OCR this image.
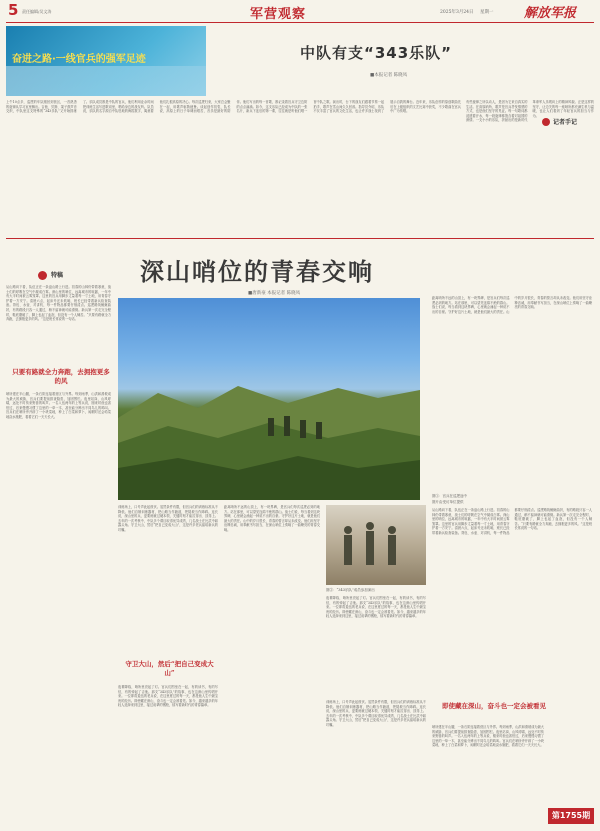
5 责任编辑/吴文涛	军营观察	2025年3月24日 星期一 解放军报
奋进之路·一线官兵的强军足迹	中队有支“343乐队”
■本报记者 陈晓凤
上午10点多，巡逻的车队刚回到营区，一首熟悉的旋律从学习室里飘出。吉他、贝斯、架子鼓声音交织，中队里这支特殊的“343乐队”又开始排练了。乐队成员都是中队的官兵，他们利用业余时间把训练生活写进歌词里，唱给身边的战友听。队员说，乐队的名字源自中队驻地的海拔数字，寓意着他们扎根高原的决心。每次巡逻归来，大家总会聚在一起，用歌声驱散疲惫。谈起创作初衷，队长说，高原上的日子单调而艰苦，音乐是最好的陪伴。他们写出的每一首歌，都记录着官兵守卫边防的点点滴滴。如今，这支乐队已经成为中队的一张名片，新兵下连后的第一课，往往就是听他们唱一首中队之歌。演出时，台下的战友们跟着节奏一起拍手，歌声在雪山间久久回荡。指导员介绍，乐队不仅丰富了官兵的文化生活，也让许多战士找到了展示自我的舞台。近年来，乐队创作的原创歌曲先后在上级组织的文艺比赛中获奖，不少歌曲在官兵中广为传唱。
有些旋律之所以动人，是因为它来自真实的生活。在高原哨所，歌声是官兵抒发情感的方式，也是他们坚守的见证。每一句歌词都浸透着汗水，每一段旋律都饱含着对祖国的深情。一支小小的乐队，折射出的是新时代革命军人乐观向上的精神风貌。正是这样的坚守，让边关的每一座哨所都充满生机与温暖，也让人们看到了年轻官兵的担当与作为。
记者手记
深山哨位的青春交响
■唐新豪 本报记者 陈晓凤
特稿
从山路向下看，队伍正在一条盘山路上行进。初春的山林仍带着寒意，战士们的呼吸在空气中凝成白雾。深山里的哨位，远离城市的喧嚣，一年中有大半时间被云雾笼罩。这里的官兵用脚步丈量着每一寸土地，用青春守护着一方安宁。清晨六点，起床号还未吹响，班长已经带着新兵检查装备。背包、水壶、对讲机，每一件物品都要仔细清点。巡逻路线蜿蜒曲折，有的路段只容一人通过，稍不留神就可能滑倒。新兵第一次走完全程时，鞋底磨破了，脚上也起了血泡，但没有一个人喊苦。“只要有路就全力奔跑，去拥抱更多的风。”这是班长常说的一句话。
只要有路就全力奔跑，去拥抱更多的风
哨所建在半山腰，一条石阶连接着营区与外界。每到雨季，山洪和滑坡成为最大的威胁，官兵们要提前排查隐患，加固围栏。夜里站岗，山风呼啸，远处不时传来野兽的叫声。一名入伍两年的上等兵说，刚来时他也害怕过，后来慢慢习惯了这里的一草一木，甚至能分辨出不同鸟儿的鸣叫。官兵们在哨所旁开辟了一小块菜地，种上了白菜和萝卜，闲暇时还会给菜地浇水施肥，看着它们一天天长大。
图①：官兵在巡逻途中
图片由受访单位提供
训练场上，口号声此起彼伏。虽然条件有限，但官兵们的训练标准从不降低。他们自制训练器材，把山路当作跑道，把陡坡当作障碍。连长说，深山里的兵，更要练就过硬本领，关键时刻才能拉得出、顶得上。去年的一次考核中，中队多个课目取得优异成绩，几名战士在比武中崭露头角。守卫大山，然后“把自己变成大山”，这是许多老兵留给新兵的叮嘱。
守卫大山，然后“把自己变成大山”
夜幕降临，哨所里亮起了灯。官兵们围坐在一起，有的读书，有的写信，有的弹起了吉他。那支“343乐队”的故事，也在这深山里传唱开来。一位即将退伍的老兵说，在这里度过的每一天，都是他人生中最宝贵的经历。即使藏在深山，奋斗也一定会被看见。如今，越来越多的年轻人选择来到这里，接过前辈的钢枪，续写着新时代的青春篇章。
距离哨所不远的山顶上，有一块界碑，是官兵们每次巡逻必到的地方。站在那里，可以望见连绵不绝的群山。战士们说，每当看到这块界碑，心里就会涌起一种说不出的自豪。守护好这片土地，就是他们最大的责任。山中的岁月很长，青春的誓言却从未改变。他们用坚守诠释忠诚，用奉献书写担当，在深山哨位上奏响了一曲嘹亮的青春交响。
图②：“343乐队”成员参加演出
夜幕降临，哨所里亮起了灯。官兵们围坐在一起，有的读书，有的写信，有的弹起了吉他。那支“343乐队”的故事，也在这深山里传唱开来。一位即将退伍的老兵说，在这里度过的每一天，都是他人生中最宝贵的经历。即使藏在深山，奋斗也一定会被看见。如今，越来越多的年轻人选择来到这里，接过前辈的钢枪，续写着新时代的青春篇章。
即使藏在深山，奋斗也一定会被看见
距离哨所不远的山顶上，有一块界碑，是官兵们每次巡逻必到的地方。站在那里，可以望见连绵不绝的群山。战士们说，每当看到这块界碑，心里就会涌起一种说不出的自豪。守护好这片土地，就是他们最大的责任。山中的岁月很长，青春的誓言却从未改变。他们用坚守诠释忠诚，用奉献书写担当，在深山哨位上奏响了一曲嘹亮的青春交响。
从山路向下看，队伍正在一条盘山路上行进。初春的山林仍带着寒意，战士们的呼吸在空气中凝成白雾。深山里的哨位，远离城市的喧嚣，一年中有大半时间被云雾笼罩。这里的官兵用脚步丈量着每一寸土地，用青春守护着一方安宁。清晨六点，起床号还未吹响，班长已经带着新兵检查装备。背包、水壶、对讲机，每一件物品都要仔细清点。巡逻路线蜿蜒曲折，有的路段只容一人通过，稍不留神就可能滑倒。新兵第一次走完全程时，鞋底磨破了，脚上也起了血泡，但没有一个人喊苦。“只要有路就全力奔跑，去拥抱更多的风。”这是班长常说的一句话。
训练场上，口号声此起彼伏。虽然条件有限，但官兵们的训练标准从不降低。他们自制训练器材，把山路当作跑道，把陡坡当作障碍。连长说，深山里的兵，更要练就过硬本领，关键时刻才能拉得出、顶得上。去年的一次考核中，中队多个课目取得优异成绩，几名战士在比武中崭露头角。守卫大山，然后“把自己变成大山”，这是许多老兵留给新兵的叮嘱。
哨所建在半山腰，一条石阶连接着营区与外界。每到雨季，山洪和滑坡成为最大的威胁，官兵们要提前排查隐患，加固围栏。夜里站岗，山风呼啸，远处不时传来野兽的叫声。一名入伍两年的上等兵说，刚来时他也害怕过，后来慢慢习惯了这里的一草一木，甚至能分辨出不同鸟儿的鸣叫。官兵们在哨所旁开辟了一小块菜地，种上了白菜和萝卜，闲暇时还会给菜地浇水施肥，看着它们一天天长大。
第1755期
